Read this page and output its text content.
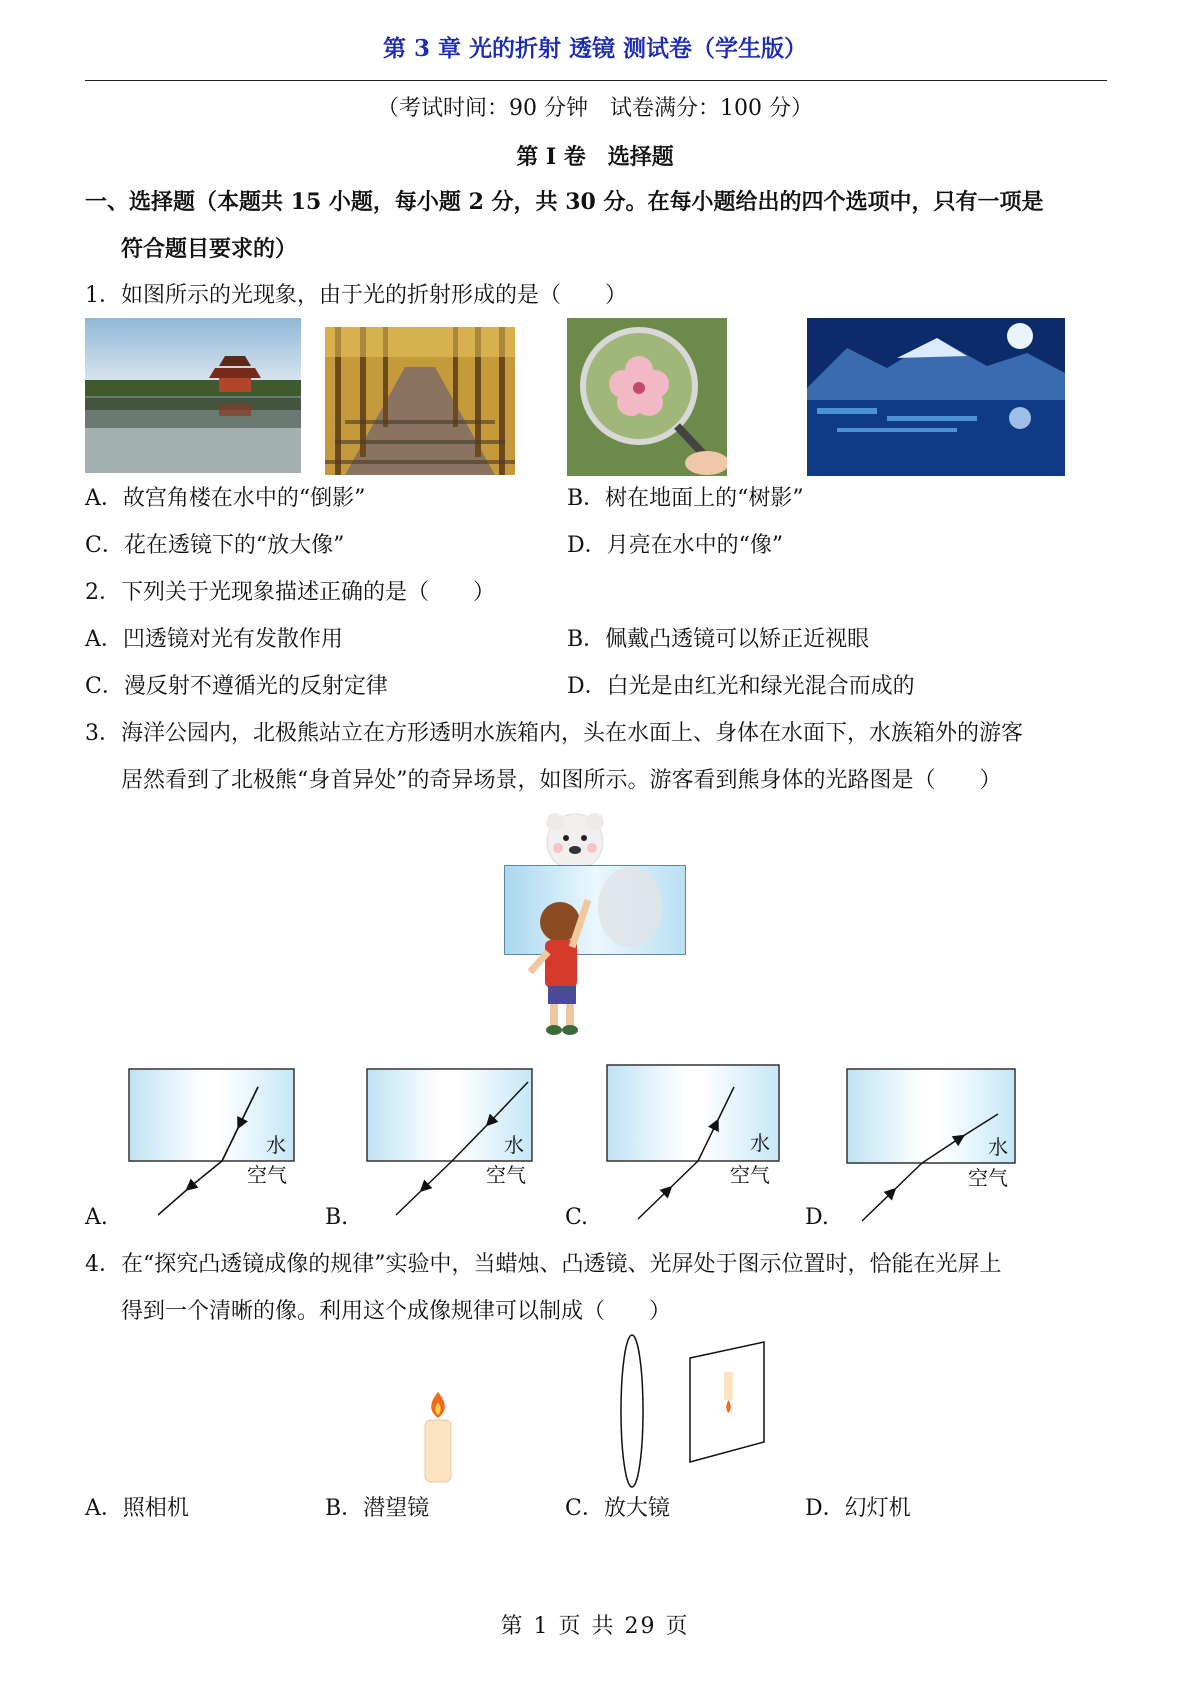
第 3 章 光的折射 透镜 测试卷（学生版）
（考试时间：90 分钟　试卷满分：100 分）
第 I 卷　选择题
一、选择题（本题共 15 小题，每小题 2 分，共 30 分。在每小题给出的四个选项中，只有一项是
符合题目要求的）
1．如图所示的光现象，由于光的折射形成的是（　　）
A．故宫角楼在水中的“倒影”	B．树在地面上的“树影”
C．花在透镜下的“放大像”	D．月亮在水中的“像”
2．下列关于光现象描述正确的是（　　）
A．凹透镜对光有发散作用	B．佩戴凸透镜可以矫正近视眼
C．漫反射不遵循光的反射定律	D．白光是由红光和绿光混合而成的
3．海洋公园内，北极熊站立在方形透明水族箱内，头在水面上、身体在水面下，水族箱外的游客
居然看到了北极熊“身首异处”的奇异场景，如图所示。游客看到熊身体的光路图是（　　）
水
空气
水
空气
水
空气
水
空气
A.	B.	C.	D.
4．在“探究凸透镜成像的规律”实验中，当蜡烛、凸透镜、光屏处于图示位置时，恰能在光屏上
得到一个清晰的像。利用这个成像规律可以制成（　　）
A．照相机	B．潜望镜	C．放大镜	D．幻灯机
第 1 页 共 29 页
